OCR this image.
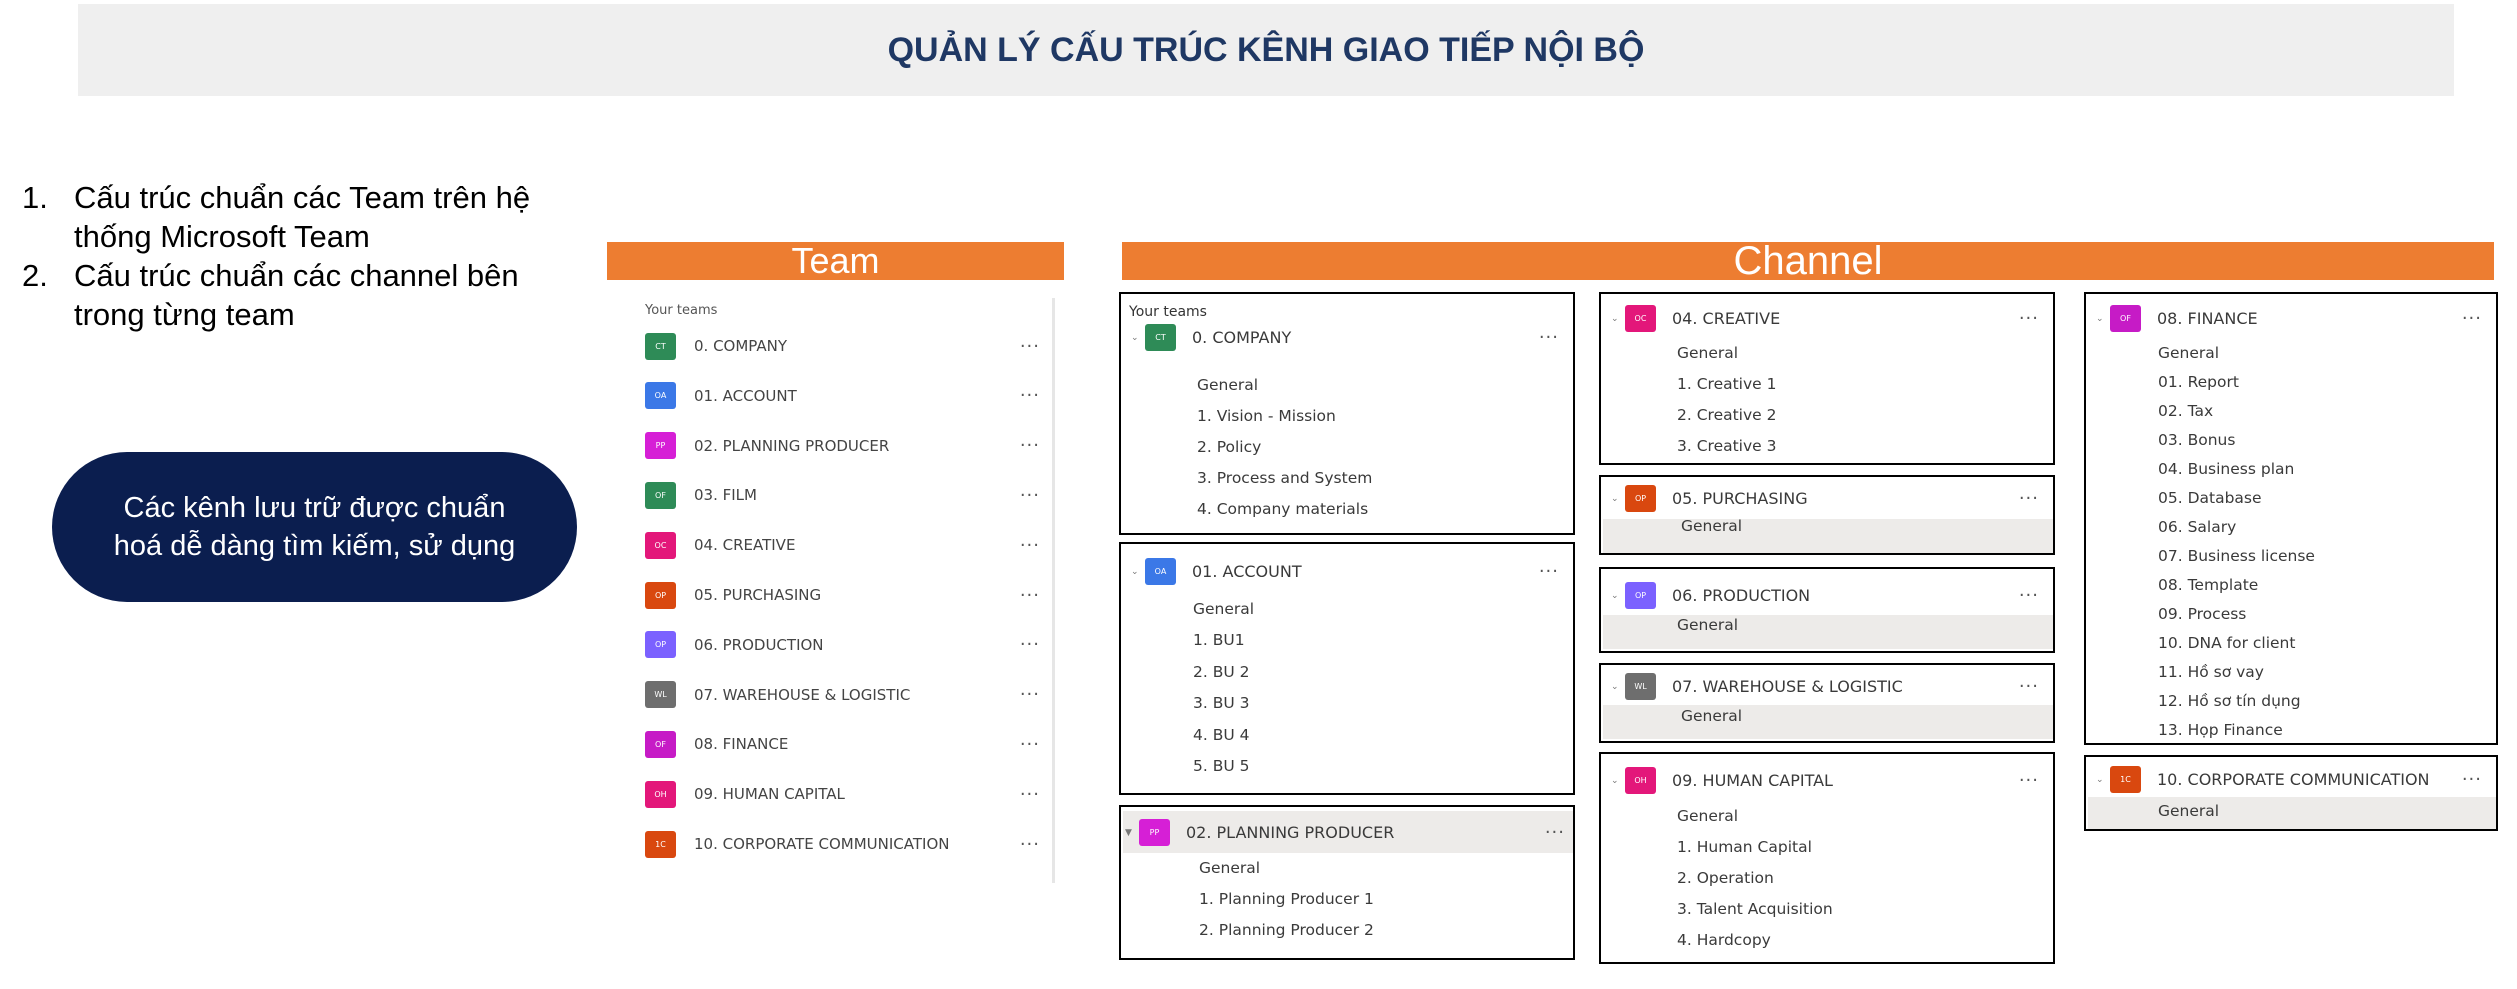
QUẢN LÝ CẤU TRÚC KÊNH GIAO TIẾP NỘI BỘ
1. Cấu trúc chuẩn các Team trên hệ
thống Microsoft Team
2. Cấu trúc chuẩn các channel bên
trong từng team
Các kênh lưu trữ được chuẩn
hoá dễ dàng tìm kiếm, sử dụng
Team	Channel
Your teams
CT	0. COMPANY	···
OA	01. ACCOUNT	···
PP	02. PLANNING PRODUCER	···
OF	03. FILM	···
OC	04. CREATIVE	···
OP	05. PURCHASING	···
OP	06. PRODUCTION	···
WL	07. WAREHOUSE & LOGISTIC	···
OF	08. FINANCE	···
OH	09. HUMAN CAPITAL	···
1C	10. CORPORATE COMMUNICATION	···
Your teams
⌄	CT	0. COMPANY	···
General
1. Vision - Mission
2. Policy
3. Process and System
4. Company materials
⌄	OA	01. ACCOUNT	···
General
1. BU1
2. BU 2
3. BU 3
4. BU 4
5. BU 5
▼	PP	02. PLANNING PRODUCER	···
General
1. Planning Producer 1
2. Planning Producer 2
⌄	OC	04. CREATIVE	···
General
1. Creative 1
2. Creative 2
3. Creative 3
⌄	OP	05. PURCHASING	···
General
⌄	OP	06. PRODUCTION	···
General
⌄	WL	07. WAREHOUSE & LOGISTIC	···
General
⌄	OH	09. HUMAN CAPITAL	···
General
1. Human Capital
2. Operation
3. Talent Acquisition
4. Hardcopy
⌄	OF	08. FINANCE	···
General
01. Report
02. Tax
03. Bonus
04. Business plan
05. Database
06. Salary
07. Business license
08. Template
09. Process
10. DNA for client
11. Hồ sơ vay
12. Hồ sơ tín dụng
13. Họp Finance
⌄	1C	10. CORPORATE COMMUNICATION	···
General
